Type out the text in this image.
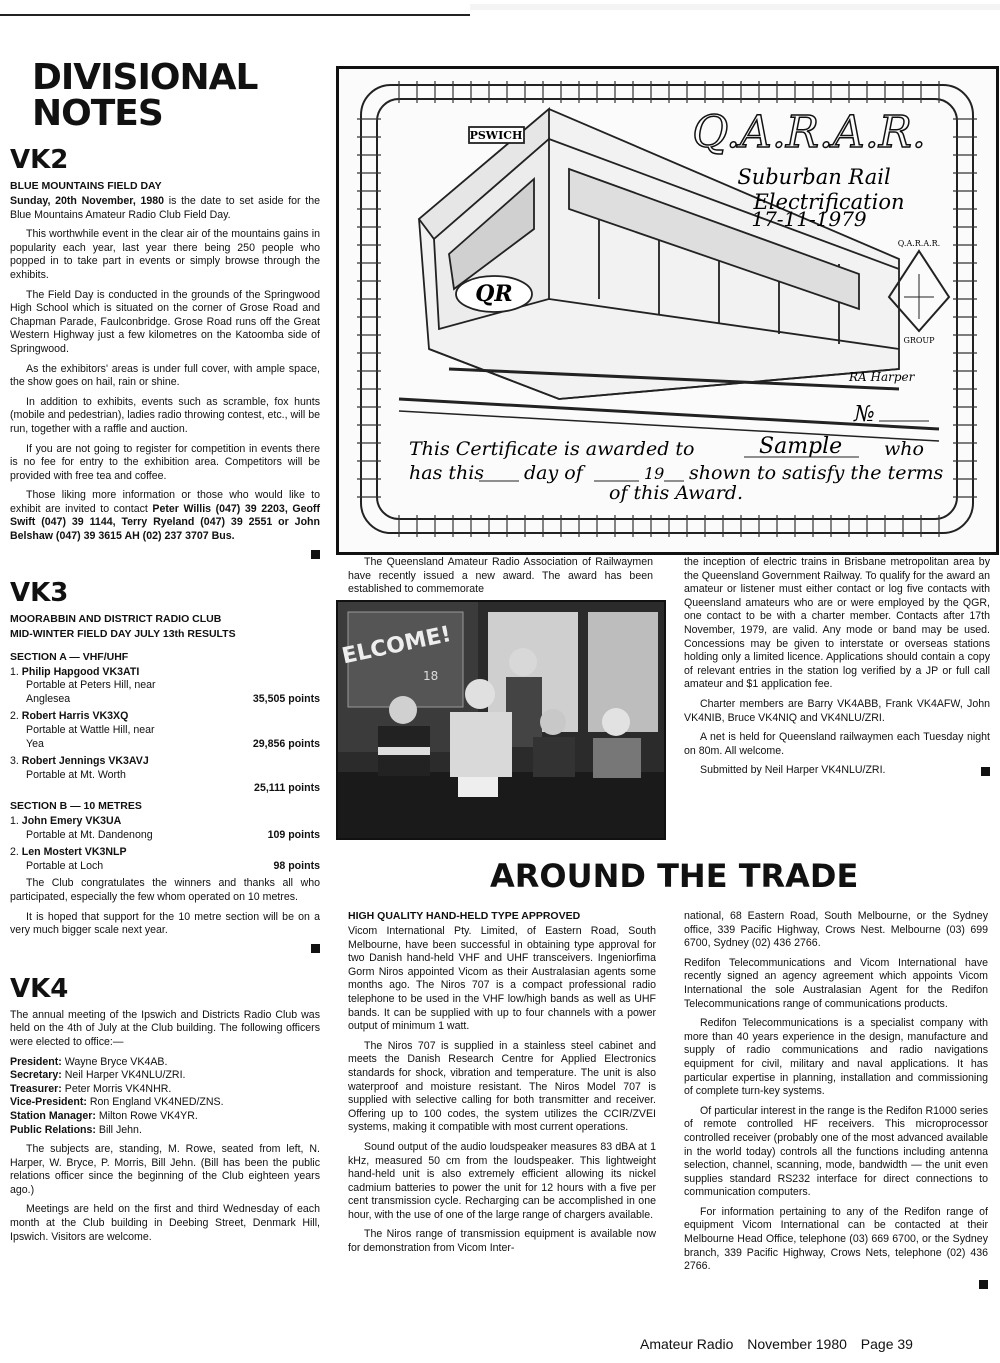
DIVISIONAL
NOTES
VK2
BLUE MOUNTAINS FIELD DAY
Sunday, 20th November, 1980 is the date to set aside for the Blue Mountains Amateur Radio Club Field Day.
This worthwhile event in the clear air of the mountains gains in popularity each year, last year there being 250 people who popped in to take part in events or simply browse through the exhibits.
The Field Day is conducted in the grounds of the Springwood High School which is situated on the corner of Grose Road and Chapman Parade, Faulconbridge. Grose Road runs off the Great Western Highway just a few kilometres on the Katoomba side of Springwood.
As the exhibitors' areas is under full cover, with ample space, the show goes on hail, rain or shine.
In addition to exhibits, events such as scramble, fox hunts (mobile and pedestrian), ladies radio throwing contest, etc., will be run, together with a raffle and auction.
If you are not going to register for competition in events there is no fee for entry to the exhibition area. Competitors will be provided with free tea and coffee.
Those liking more information or those who would like to exhibit are invited to contact Peter Willis (047) 39 2203, Geoff Swift (047) 39 1144, Terry Ryeland (047) 39 2551 or John Belshaw (047) 39 3615 AH (02) 237 3707 Bus.
VK3
MOORABBIN AND DISTRICT RADIO CLUB
MID-WINTER FIELD DAY JULY 13th RESULTS
SECTION A — VHF/UHF
1. Philip Hapgood VK3ATI
Portable at Peters Hill, near
Anglesea	35,505 points
2. Robert Harris VK3XQ
Portable at Wattle Hill, near
Yea	29,856 points
3. Robert Jennings VK3AVJ
Portable at Mt. Worth
25,111 points
SECTION B — 10 METRES
1. John Emery VK3UA
Portable at Mt. Dandenong	109 points
2. Len Mostert VK3NLP
Portable at Loch	98 points
The Club congratulates the winners and thanks all who participated, especially the few whom operated on 10 metres.
It is hoped that support for the 10 metre section will be on a very much bigger scale next year.
VK4
The annual meeting of the Ipswich and Districts Radio Club was held on the 4th of July at the Club building. The following officers were elected to office:—
President: Wayne Bryce VK4AB.
Secretary: Neil Harper VK4NLU/ZRI.
Treasurer: Peter Morris VK4NHR.
Vice-President: Ron England VK4NED/ZNS.
Station Manager: Milton Rowe VK4YR.
Public Relations: Bill Jehn.
The subjects are, standing, M. Rowe, seated from left, N. Harper, W. Bryce, P. Morris, Bill Jehn. (Bill has been the public relations officer since the beginning of the Club eighteen years ago.)
Meetings are held on the first and third Wednesday of each month at the Club building in Deebing Street, Denmark Hill, Ipswich. Visitors are welcome.
PSWICH
QR
Q.A.R.A.R.
Suburban Rail
Electrification
17-11-1979
Q.A.R.A.R.
GROUP
RA Harper
№
This Certificate is awarded to	Sample who
has this day of	19 shown to satisfy the terms
of this Award.
The Queensland Amateur Radio Association of Railwaymen have recently issued a new award. The award has been established to commemorate
ELCOME!
18
the inception of electric trains in Brisbane metropolitan area by the Queensland Government Railway. To qualify for the award an amateur or listener must either contact or log five contacts with Queensland amateurs who are or were employed by the QGR, one contact to be with a charter member. Contacts after 17th November, 1979, are valid. Any mode or band may be used. Concessions may be given to interstate or overseas stations holding only a limited licence. Applications should contain a copy of relevant entries in the station log verified by a JP or full call amateur and $1 application fee.
Charter members are Barry VK4ABB, Frank VK4AFW, John VK4NIB, Bruce VK4NIQ and VK4NLU/ZRI.
A net is held for Queensland railwaymen each Tuesday night on 80m. All welcome.
Submitted by Neil Harper VK4NLU/ZRI.
AROUND THE TRADE
HIGH QUALITY HAND-HELD TYPE APPROVED
Vicom International Pty. Limited, of Eastern Road, South Melbourne, have been successful in obtaining type approval for two Danish hand-held VHF and UHF transceivers. Ingeniorfima Gorm Niros appointed Vicom as their Australasian agents some months ago. The Niros 707 is a compact professional radio telephone to be used in the VHF low/high bands as well as UHF bands. It can be supplied with up to four channels with a power output of minimum 1 watt.
The Niros 707 is supplied in a stainless steel cabinet and meets the Danish Research Centre for Applied Electronics standards for shock, vibration and temperature. The unit is also waterproof and moisture resistant. The Niros Model 707 is supplied with selective calling for both transmitter and receiver. Offering up to 100 codes, the system utilizes the CCIR/ZVEI systems, making it compatible with most current operations.
Sound output of the audio loudspeaker measures 83 dBA at 1 kHz, measured 50 cm from the loudspeaker. This lightweight hand-held unit is also extremely efficient allowing its nickel cadmium batteries to power the unit for 12 hours with a five per cent transmission cycle. Recharging can be accomplished in one hour, with the use of one of the large range of chargers available.
The Niros range of transmission equipment is available now for demonstration from Vicom Inter-
national, 68 Eastern Road, South Melbourne, or the Sydney office, 339 Pacific Highway, Crows Nest. Melbourne (03) 699 6700, Sydney (02) 436 2766.
Redifon Telecommunications and Vicom International have recently signed an agency agreement which appoints Vicom International the sole Australasian Agent for the Redifon Telecommunications range of communications products.
Redifon Telecommunications is a specialist company with more than 40 years experience in the design, manufacture and supply of radio communications and radio navigations equipment for civil, military and naval applications. It has particular expertise in planning, installation and commissioning of complete turn-key systems.
Of particular interest in the range is the Redifon R1000 series of remote controlled HF receivers. This microprocessor controlled receiver (probably one of the most advanced available in the world today) controls all the functions including antenna selection, channel, scanning, mode, bandwidth — the unit even supplies standard RS232 interface for direct connections to communication computers.
For information pertaining to any of the Redifon range of equipment Vicom International can be contacted at their Melbourne Head Office, telephone (03) 669 6700, or the Sydney branch, 339 Pacific Highway, Crows Nets, telephone (02) 436 2766.
Amateur Radio November 1980 Page 39
